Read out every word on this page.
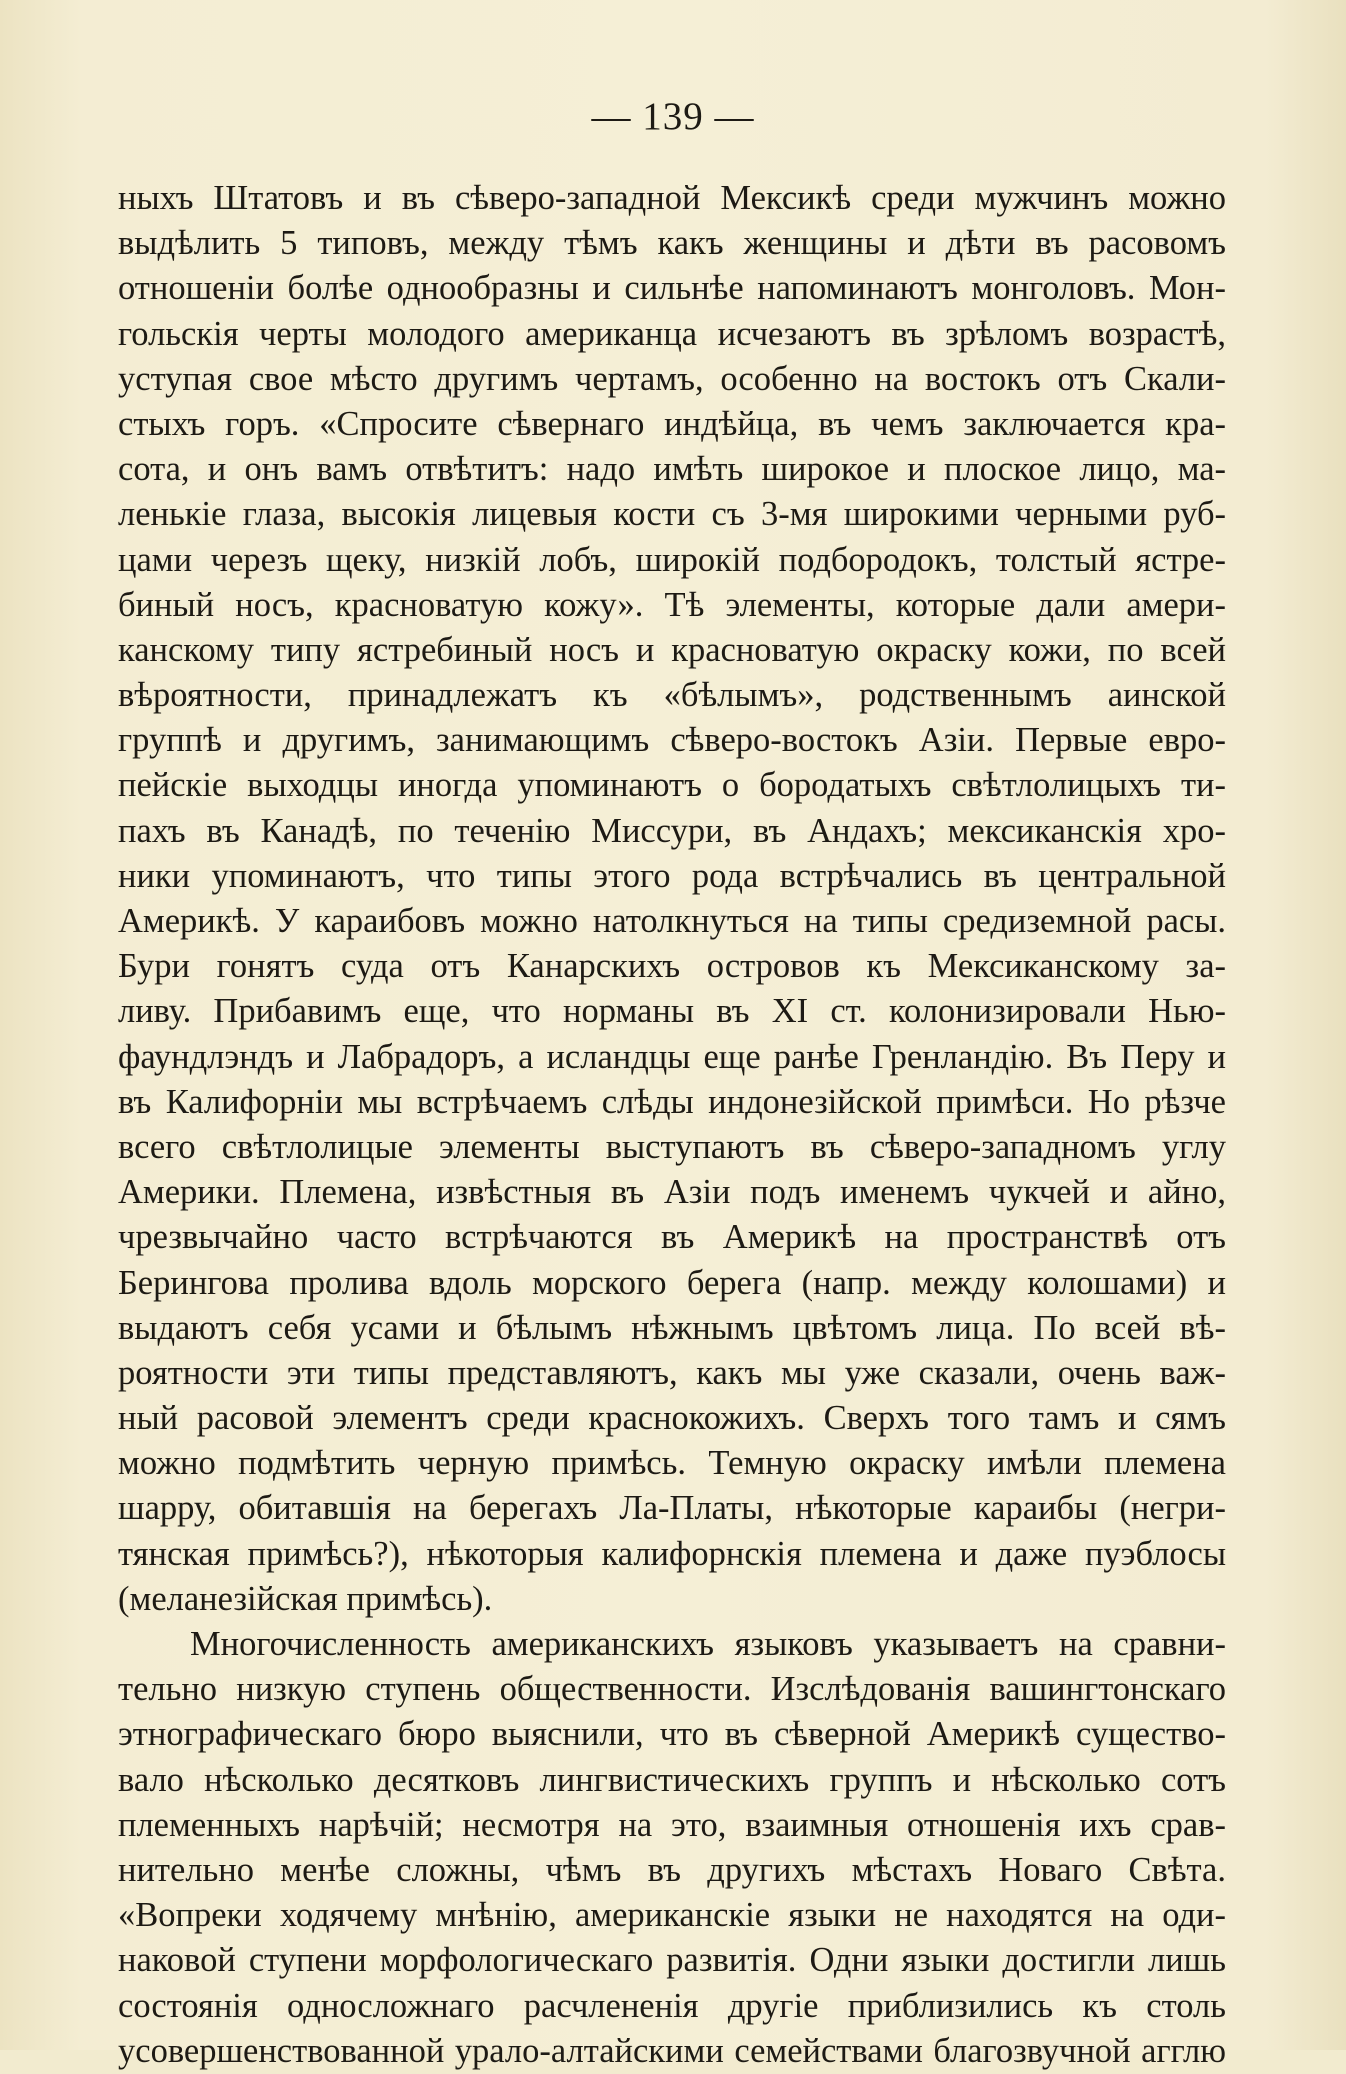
— 139 —
ныхъ Штатовъ и въ сѣверо-западной Мексикѣ среди мужчинъ можно
выдѣлить 5 типовъ, между тѣмъ какъ женщины и дѣти въ расовомъ
отношеніи болѣе однообразны и сильнѣе напоминаютъ монголовъ. Мон-
гольскія черты молодого американца исчезаютъ въ зрѣломъ возрастѣ,
уступая свое мѣсто другимъ чертамъ, особенно на востокъ отъ Скали-
стыхъ горъ. «Спросите сѣвернаго индѣйца, въ чемъ заключается кра-
сота, и онъ вамъ отвѣтитъ: надо имѣть широкое и плоское лицо, ма-
ленькіе глаза, высокія лицевыя кости съ 3-мя широкими черными руб-
цами черезъ щеку, низкій лобъ, широкій подбородокъ, толстый ястре-
биный носъ, красноватую кожу». Тѣ элементы, которые дали амери-
канскому типу ястребиный носъ и красноватую окраску кожи, по всей
вѣроятности, принадлежатъ къ «бѣлымъ», родственнымъ аинской
группѣ и другимъ, занимающимъ сѣверо-востокъ Азіи. Первые евро-
пейскіе выходцы иногда упоминаютъ о бородатыхъ свѣтлолицыхъ ти-
пахъ въ Канадѣ, по теченію Миссури, въ Андахъ; мексиканскія хро-
ники упоминаютъ, что типы этого рода встрѣчались въ центральной
Америкѣ. У караибовъ можно натолкнуться на типы средиземной расы.
Бури гонятъ суда отъ Канарскихъ островов къ Мексиканскому за-
ливу. Прибавимъ еще, что норманы въ XI ст. колонизировали Нью-
фаундлэндъ и Лабрадоръ, а исландцы еще ранѣе Гренландію. Въ Перу и
въ Калифорніи мы встрѣчаемъ слѣды индонезійской примѣси. Но рѣзче
всего свѣтлолицые элементы выступаютъ въ сѣверо-западномъ углу
Америки. Племена, извѣстныя въ Азіи подъ именемъ чукчей и айно,
чрезвычайно часто встрѣчаются въ Америкѣ на пространствѣ отъ
Берингова пролива вдоль морского берега (напр. между колошами) и
выдаютъ себя усами и бѣлымъ нѣжнымъ цвѣтомъ лица. По всей вѣ-
роятности эти типы представляютъ, какъ мы уже сказали, очень важ-
ный расовой элементъ среди краснокожихъ. Сверхъ того тамъ и сямъ
можно подмѣтить черную примѣсь. Темную окраску имѣли племена
шарру, обитавшія на берегахъ Ла-Платы, нѣкоторые караибы (негри-
тянская примѣсь?), нѣкоторыя калифорнскія племена и даже пуэблосы
(меланезійская примѣсь).
Многочисленность американскихъ языковъ указываетъ на сравни-
тельно низкую ступень общественности. Изслѣдованія вашингтонскаго
этнографическаго бюро выяснили, что въ сѣверной Америкѣ существо-
вало нѣсколько десятковъ лингвистическихъ группъ и нѣсколько сотъ
племенныхъ нарѣчій; несмотря на это, взаимныя отношенія ихъ срав-
нительно менѣе сложны, чѣмъ въ другихъ мѣстахъ Новаго Свѣта.
«Вопреки ходячему мнѣнію, американскіе языки не находятся на оди-
наковой ступени морфологическаго развитія. Одни языки достигли лишь
состоянія односложнаго расчлененія другіе приблизились къ столь
усовершенствованной урало-алтайскими семействами благозвучной агглю
